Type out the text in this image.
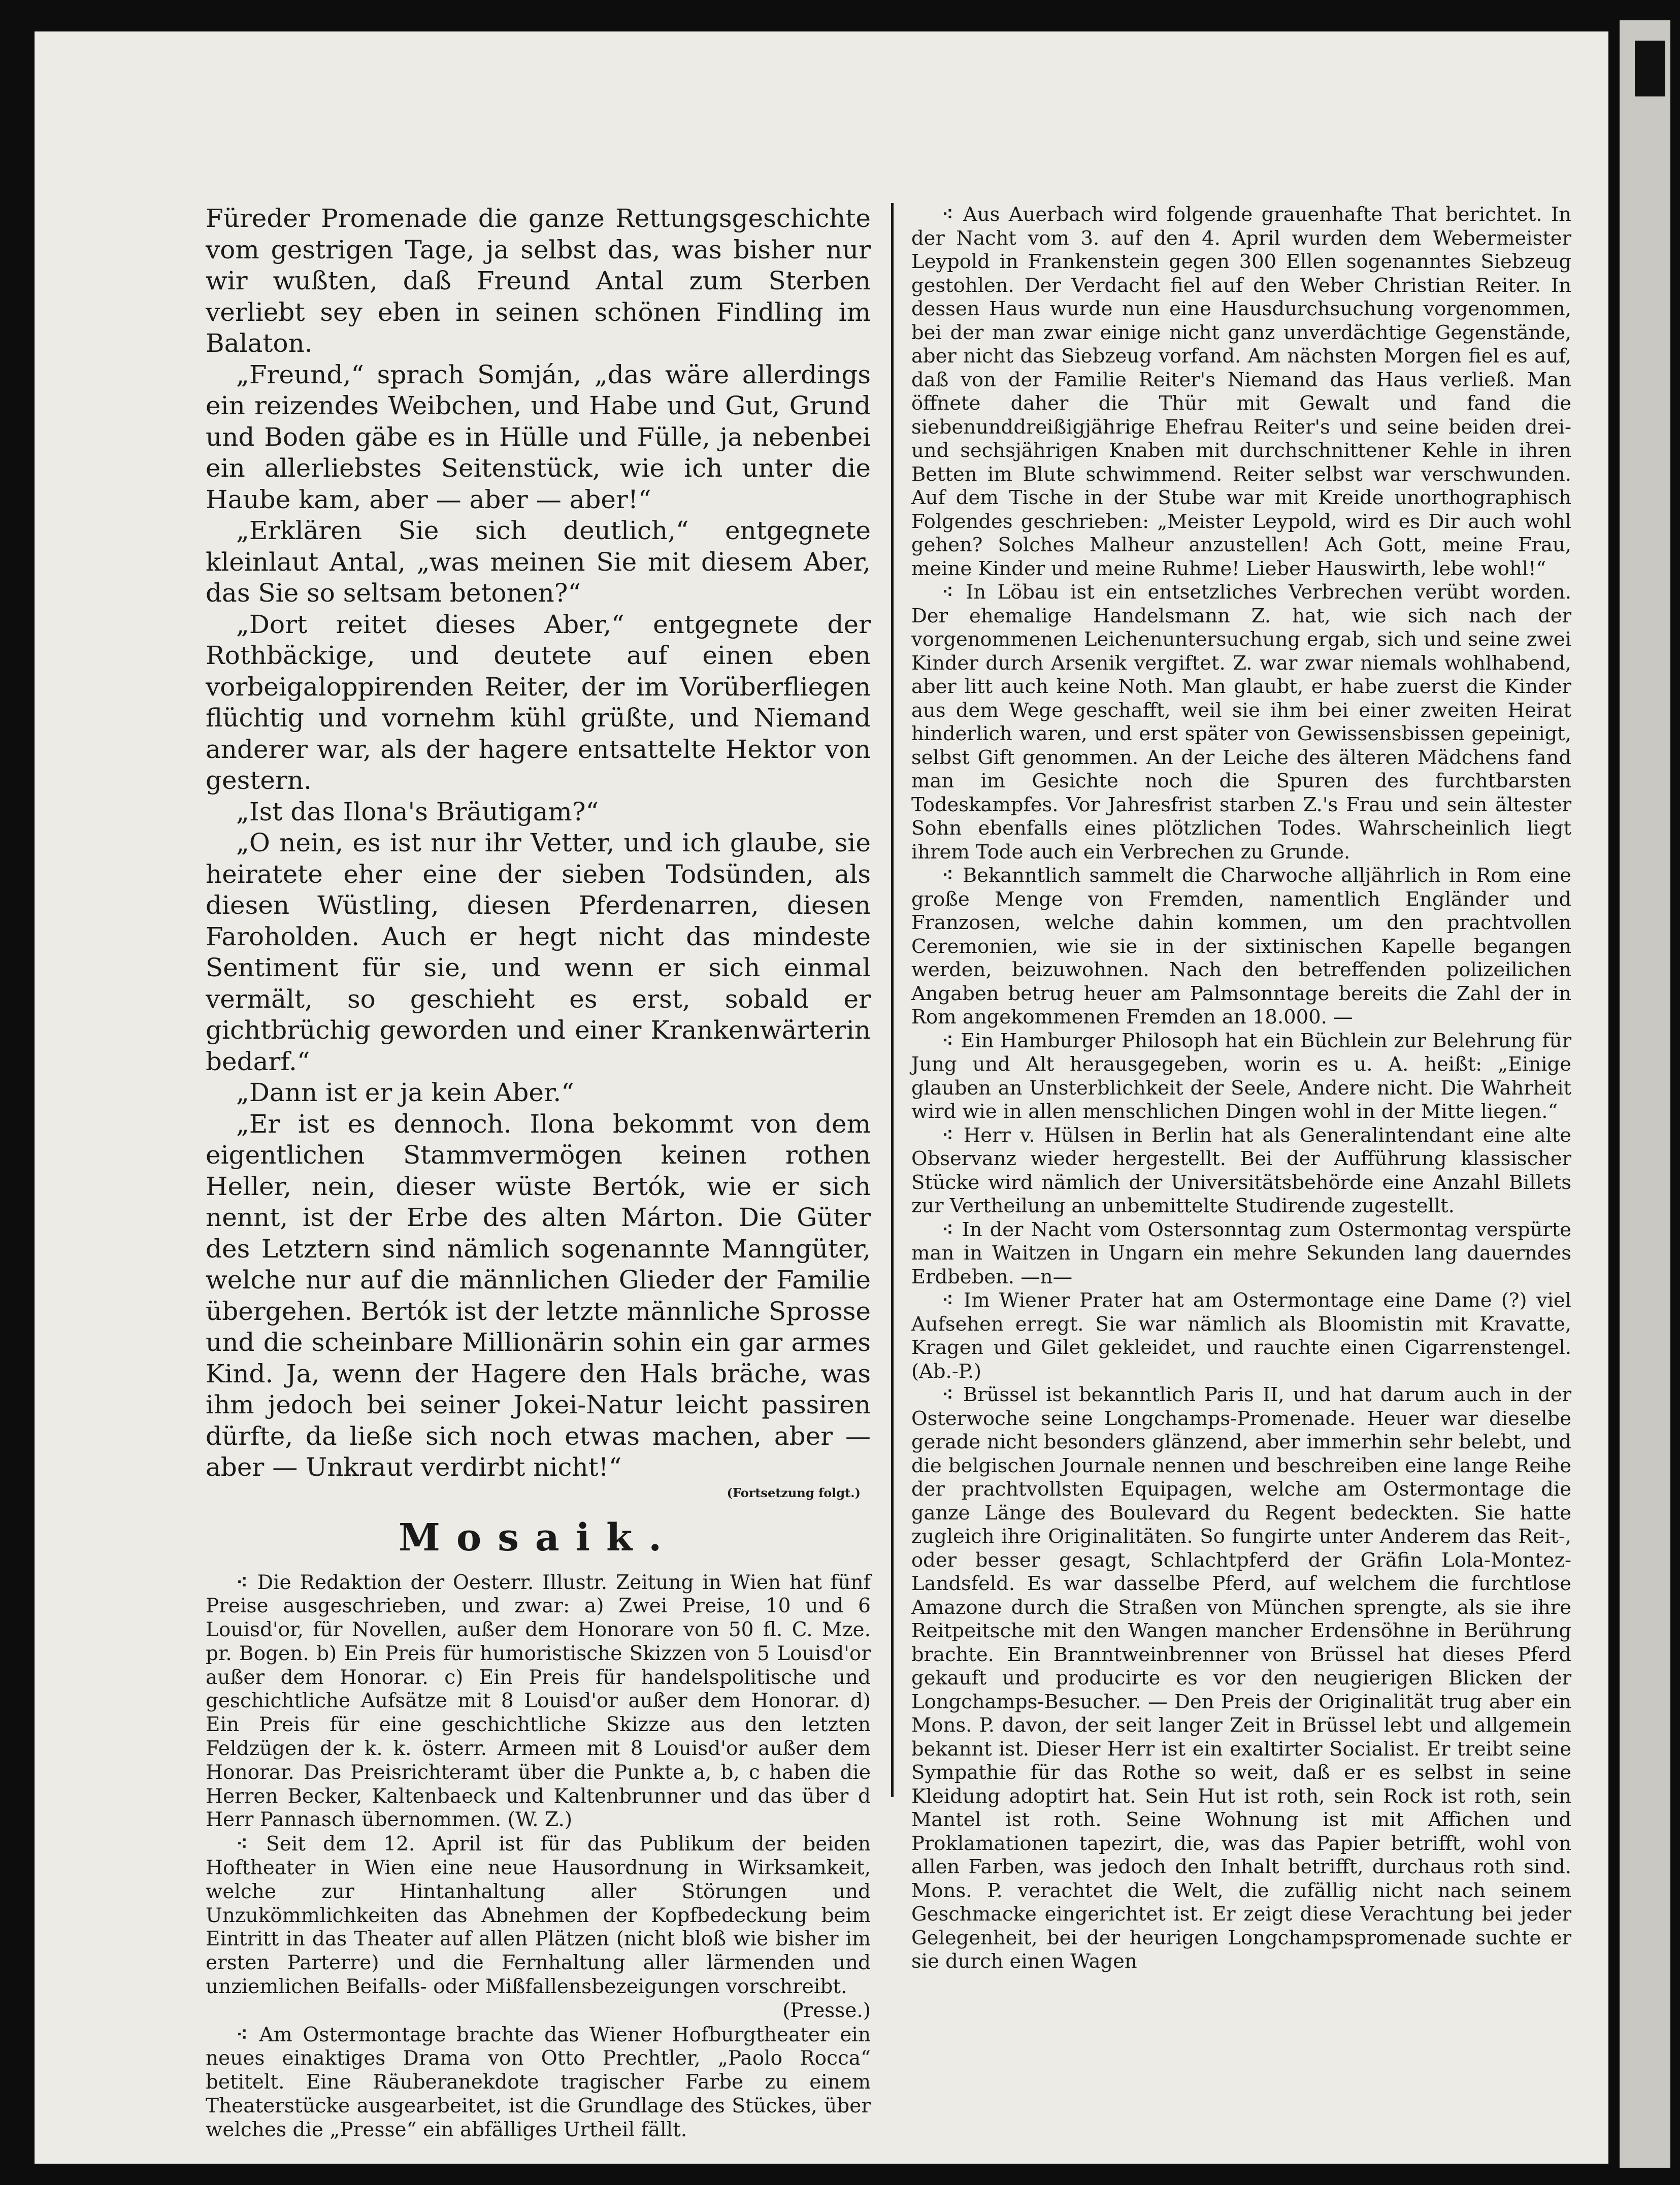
Füreder Promenade die ganze Rettungsgeschichte vom gestrigen Tage, ja selbst das, was bisher nur wir wußten, daß Freund Antal zum Sterben verliebt sey eben in seinen schönen Findling im Balaton.

„Freund,“ sprach Somján, „das wäre allerdings ein reizendes Weibchen, und Habe und Gut, Grund und Boden gäbe es in Hülle und Fülle, ja nebenbei ein allerliebstes Seitenstück, wie ich unter die Haube kam, aber — aber — aber!“

„Erklären Sie sich deutlich,“ entgegnete kleinlaut Antal, „was meinen Sie mit diesem Aber, das Sie so seltsam betonen?“

„Dort reitet dieses Aber,“ entgegnete der Rothbäckige, und deutete auf einen eben vorbeigaloppirenden Reiter, der im Vorüberfliegen flüchtig und vornehm kühl grüßte, und Niemand anderer war, als der hagere entsattelte Hektor von gestern.

„Ist das Ilona's Bräutigam?“

„O nein, es ist nur ihr Vetter, und ich glaube, sie heiratete eher eine der sieben Todsünden, als diesen Wüstling, diesen Pferdenarren, diesen Faroholden. Auch er hegt nicht das mindeste Sentiment für sie, und wenn er sich einmal vermält, so geschieht es erst, sobald er gichtbrüchig geworden und einer Krankenwärterin bedarf.“

„Dann ist er ja kein Aber.“

„Er ist es dennoch. Ilona bekommt von dem eigentlichen Stammvermögen keinen rothen Heller, nein, dieser wüste Bertók, wie er sich nennt, ist der Erbe des alten Márton. Die Güter des Letztern sind nämlich sogenannte Manngüter, welche nur auf die männlichen Glieder der Familie übergehen. Bertók ist der letzte männliche Sprosse und die scheinbare Millionärin sohin ein gar armes Kind. Ja, wenn der Hagere den Hals bräche, was ihm jedoch bei seiner Jokei-Natur leicht passiren dürfte, da ließe sich noch etwas machen, aber — aber — Unkraut verdirbt nicht!“

(Fortsetzung folgt.)

Mosaik.

⁖ Die Redaktion der Oesterr. Illustr. Zeitung in Wien hat fünf Preise ausgeschrieben, und zwar: a) Zwei Preise, 10 und 6 Louisd'or, für Novellen, außer dem Honorare von 50 fl. C. Mze. pr. Bogen. b) Ein Preis für humoristische Skizzen von 5 Louisd'or außer dem Honorar. c) Ein Preis für handelspolitische und geschichtliche Aufsätze mit 8 Louisd'or außer dem Honorar. d) Ein Preis für eine geschichtliche Skizze aus den letzten Feldzügen der k. k. österr. Armeen mit 8 Louisd'or außer dem Honorar. Das Preisrichteramt über die Punkte a, b, c haben die Herren Becker, Kaltenbaeck und Kaltenbrunner und das über d Herr Pannasch übernommen. (W. Z.)

⁖ Seit dem 12. April ist für das Publikum der beiden Hoftheater in Wien eine neue Hausordnung in Wirksamkeit, welche zur Hintanhaltung aller Störungen und Unzukömmlichkeiten das Abnehmen der Kopfbedeckung beim Eintritt in das Theater auf allen Plätzen (nicht bloß wie bisher im ersten Parterre) und die Fernhaltung aller lärmenden und unziemlichen Beifalls- oder Mißfallensbezeigungen vorschreibt.

(Presse.)

⁖ Am Ostermontage brachte das Wiener Hofburgtheater ein neues einaktiges Drama von Otto Prechtler, „Paolo Rocca“ betitelt. Eine Räuberanekdote tragischer Farbe zu einem Theaterstücke ausgearbeitet, ist die Grundlage des Stückes, über welches die „Presse“ ein abfälliges Urtheil fällt.

⁖ Aus Auerbach wird folgende grauenhafte That berichtet. In der Nacht vom 3. auf den 4. April wurden dem Webermeister Leypold in Frankenstein gegen 300 Ellen sogenanntes Siebzeug gestohlen. Der Verdacht fiel auf den Weber Christian Reiter. In dessen Haus wurde nun eine Hausdurchsuchung vorgenommen, bei der man zwar einige nicht ganz unverdächtige Gegenstände, aber nicht das Siebzeug vorfand. Am nächsten Morgen fiel es auf, daß von der Familie Reiter's Niemand das Haus verließ. Man öffnete daher die Thür mit Gewalt und fand die siebenunddreißigjährige Ehefrau Reiter's und seine beiden drei- und sechsjährigen Knaben mit durchschnittener Kehle in ihren Betten im Blute schwimmend. Reiter selbst war verschwunden. Auf dem Tische in der Stube war mit Kreide unorthographisch Folgendes geschrieben: „Meister Leypold, wird es Dir auch wohl gehen? Solches Malheur anzustellen! Ach Gott, meine Frau, meine Kinder und meine Ruhme! Lieber Hauswirth, lebe wohl!“

⁖ In Löbau ist ein entsetzliches Verbrechen verübt worden. Der ehemalige Handelsmann Z. hat, wie sich nach der vorgenommenen Leichenuntersuchung ergab, sich und seine zwei Kinder durch Arsenik vergiftet. Z. war zwar niemals wohlhabend, aber litt auch keine Noth. Man glaubt, er habe zuerst die Kinder aus dem Wege geschafft, weil sie ihm bei einer zweiten Heirat hinderlich waren, und erst später von Gewissensbissen gepeinigt, selbst Gift genommen. An der Leiche des älteren Mädchens fand man im Gesichte noch die Spuren des furchtbarsten Todeskampfes. Vor Jahresfrist starben Z.'s Frau und sein ältester Sohn ebenfalls eines plötzlichen Todes. Wahrscheinlich liegt ihrem Tode auch ein Verbrechen zu Grunde.

⁖ Bekanntlich sammelt die Charwoche alljährlich in Rom eine große Menge von Fremden, namentlich Engländer und Franzosen, welche dahin kommen, um den prachtvollen Ceremonien, wie sie in der sixtinischen Kapelle begangen werden, beizuwohnen. Nach den betreffenden polizeilichen Angaben betrug heuer am Palmsonntage bereits die Zahl der in Rom angekommenen Fremden an 18.000. —

⁖ Ein Hamburger Philosoph hat ein Büchlein zur Belehrung für Jung und Alt herausgegeben, worin es u. A. heißt: „Einige glauben an Unsterblichkeit der Seele, Andere nicht. Die Wahrheit wird wie in allen menschlichen Dingen wohl in der Mitte liegen.“

⁖ Herr v. Hülsen in Berlin hat als Generalintendant eine alte Observanz wieder hergestellt. Bei der Aufführung klassischer Stücke wird nämlich der Universitätsbehörde eine Anzahl Billets zur Vertheilung an unbemittelte Studirende zugestellt.

⁖ In der Nacht vom Ostersonntag zum Ostermontag verspürte man in Waitzen in Ungarn ein mehre Sekunden lang dauerndes Erdbeben. —n—

⁖ Im Wiener Prater hat am Ostermontage eine Dame (?) viel Aufsehen erregt. Sie war nämlich als Bloomistin mit Kravatte, Kragen und Gilet gekleidet, und rauchte einen Cigarrenstengel. (Ab.-P.)

⁖ Brüssel ist bekanntlich Paris II, und hat darum auch in der Osterwoche seine Longchamps-Promenade. Heuer war dieselbe gerade nicht besonders glänzend, aber immerhin sehr belebt, und die belgischen Journale nennen und beschreiben eine lange Reihe der prachtvollsten Equipagen, welche am Ostermontage die ganze Länge des Boulevard du Regent bedeckten. Sie hatte zugleich ihre Originalitäten. So fungirte unter Anderem das Reit-, oder besser gesagt, Schlachtpferd der Gräfin Lola-Montez-Landsfeld. Es war dasselbe Pferd, auf welchem die furchtlose Amazone durch die Straßen von München sprengte, als sie ihre Reitpeitsche mit den Wangen mancher Erdensöhne in Berührung brachte. Ein Branntweinbrenner von Brüssel hat dieses Pferd gekauft und producirte es vor den neugierigen Blicken der Longchamps-Besucher. — Den Preis der Originalität trug aber ein Mons. P. davon, der seit langer Zeit in Brüssel lebt und allgemein bekannt ist. Dieser Herr ist ein exaltirter Socialist. Er treibt seine Sympathie für das Rothe so weit, daß er es selbst in seine Kleidung adoptirt hat. Sein Hut ist roth, sein Rock ist roth, sein Mantel ist roth. Seine Wohnung ist mit Affichen und Proklamationen tapezirt, die, was das Papier betrifft, wohl von allen Farben, was jedoch den Inhalt betrifft, durchaus roth sind. Mons. P. verachtet die Welt, die zufällig nicht nach seinem Geschmacke eingerichtet ist. Er zeigt diese Verachtung bei jeder Gelegenheit, bei der heurigen Longchampspromenade suchte er sie durch einen Wagen
